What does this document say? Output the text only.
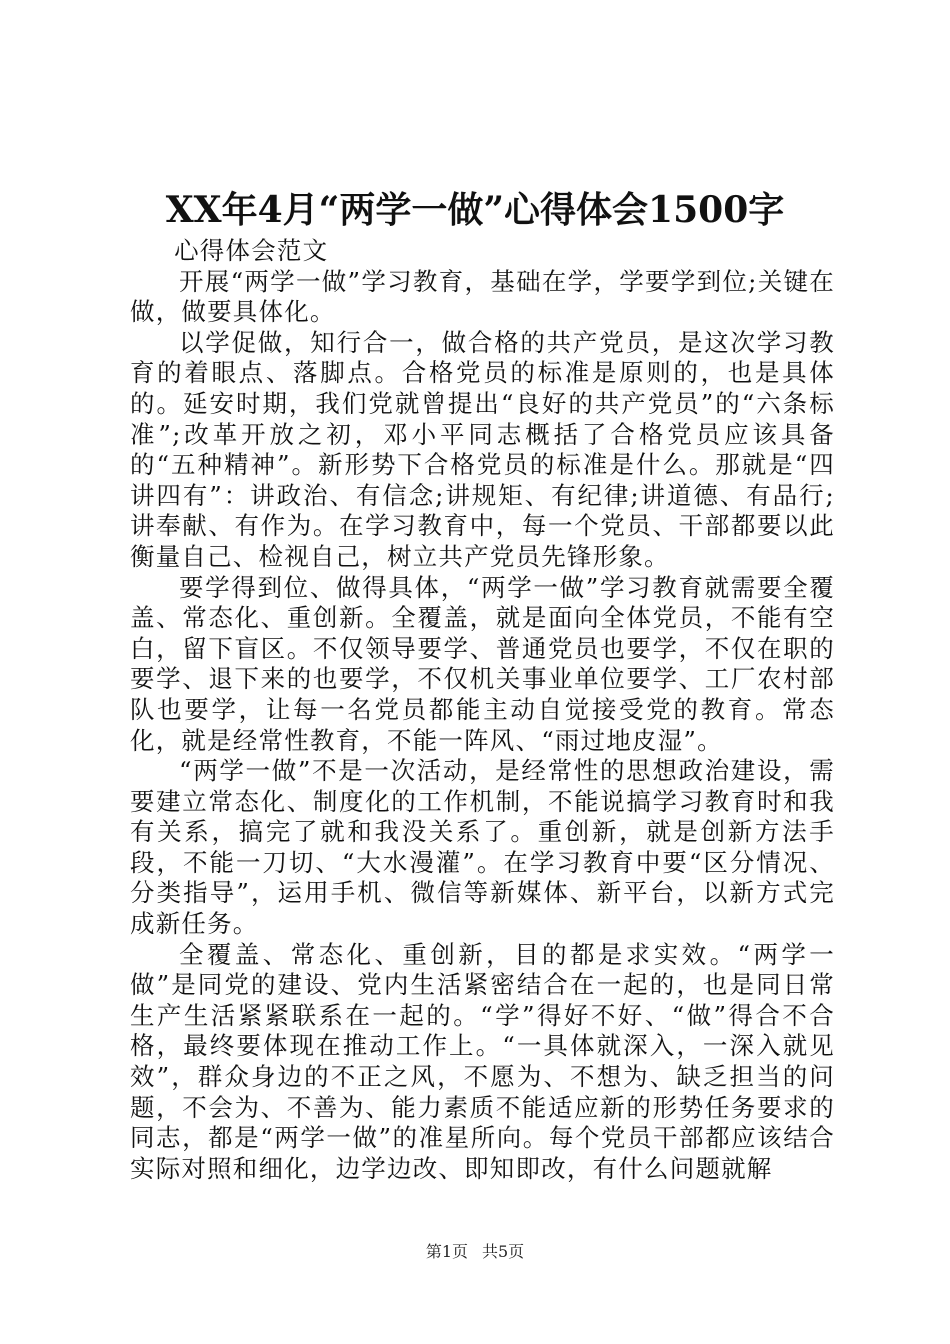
XX年4月“两学一做”心得体会1500字

心得体会范文

开展“两学一做”学习教育，基础在学，学要学到位;关键在做，做要具体化。

以学促做，知行合一，做合格的共产党员，是这次学习教育的着眼点、落脚点。合格党员的标准是原则的，也是具体的。延安时期，我们党就曾提出“良好的共产党员”的“六条标准”;改革开放之初，邓小平同志概括了合格党员应该具备的“五种精神”。新形势下合格党员的标准是什么。那就是“四讲四有”：讲政治、有信念;讲规矩、有纪律;讲道德、有品行;讲奉献、有作为。在学习教育中，每一个党员、干部都要以此衡量自己、检视自己，树立共产党员先锋形象。

要学得到位、做得具体，“两学一做”学习教育就需要全覆盖、常态化、重创新。全覆盖，就是面向全体党员，不能有空白，留下盲区。不仅领导要学、普通党员也要学，不仅在职的要学、退下来的也要学，不仅机关事业单位要学、工厂农村部队也要学，让每一名党员都能主动自觉接受党的教育。常态化，就是经常性教育，不能一阵风、“雨过地皮湿”。

“两学一做”不是一次活动，是经常性的思想政治建设，需要建立常态化、制度化的工作机制，不能说搞学习教育时和我有关系，搞完了就和我没关系了。重创新，就是创新方法手段，不能一刀切、“大水漫灌”。在学习教育中要“区分情况、分类指导”，运用手机、微信等新媒体、新平台，以新方式完成新任务。

全覆盖、常态化、重创新，目的都是求实效。“两学一做”是同党的建设、党内生活紧密结合在一起的，也是同日常生产生活紧紧联系在一起的。“学”得好不好、“做”得合不合格，最终要体现在推动工作上。“一具体就深入，一深入就见效”，群众身边的不正之风，不愿为、不想为、缺乏担当的问题，不会为、不善为、能力素质不能适应新的形势任务要求的同志，都是“两学一做”的准星所向。每个党员干部都应该结合实际对照和细化，边学边改、即知即改，有什么问题就解

第1页 共5页
